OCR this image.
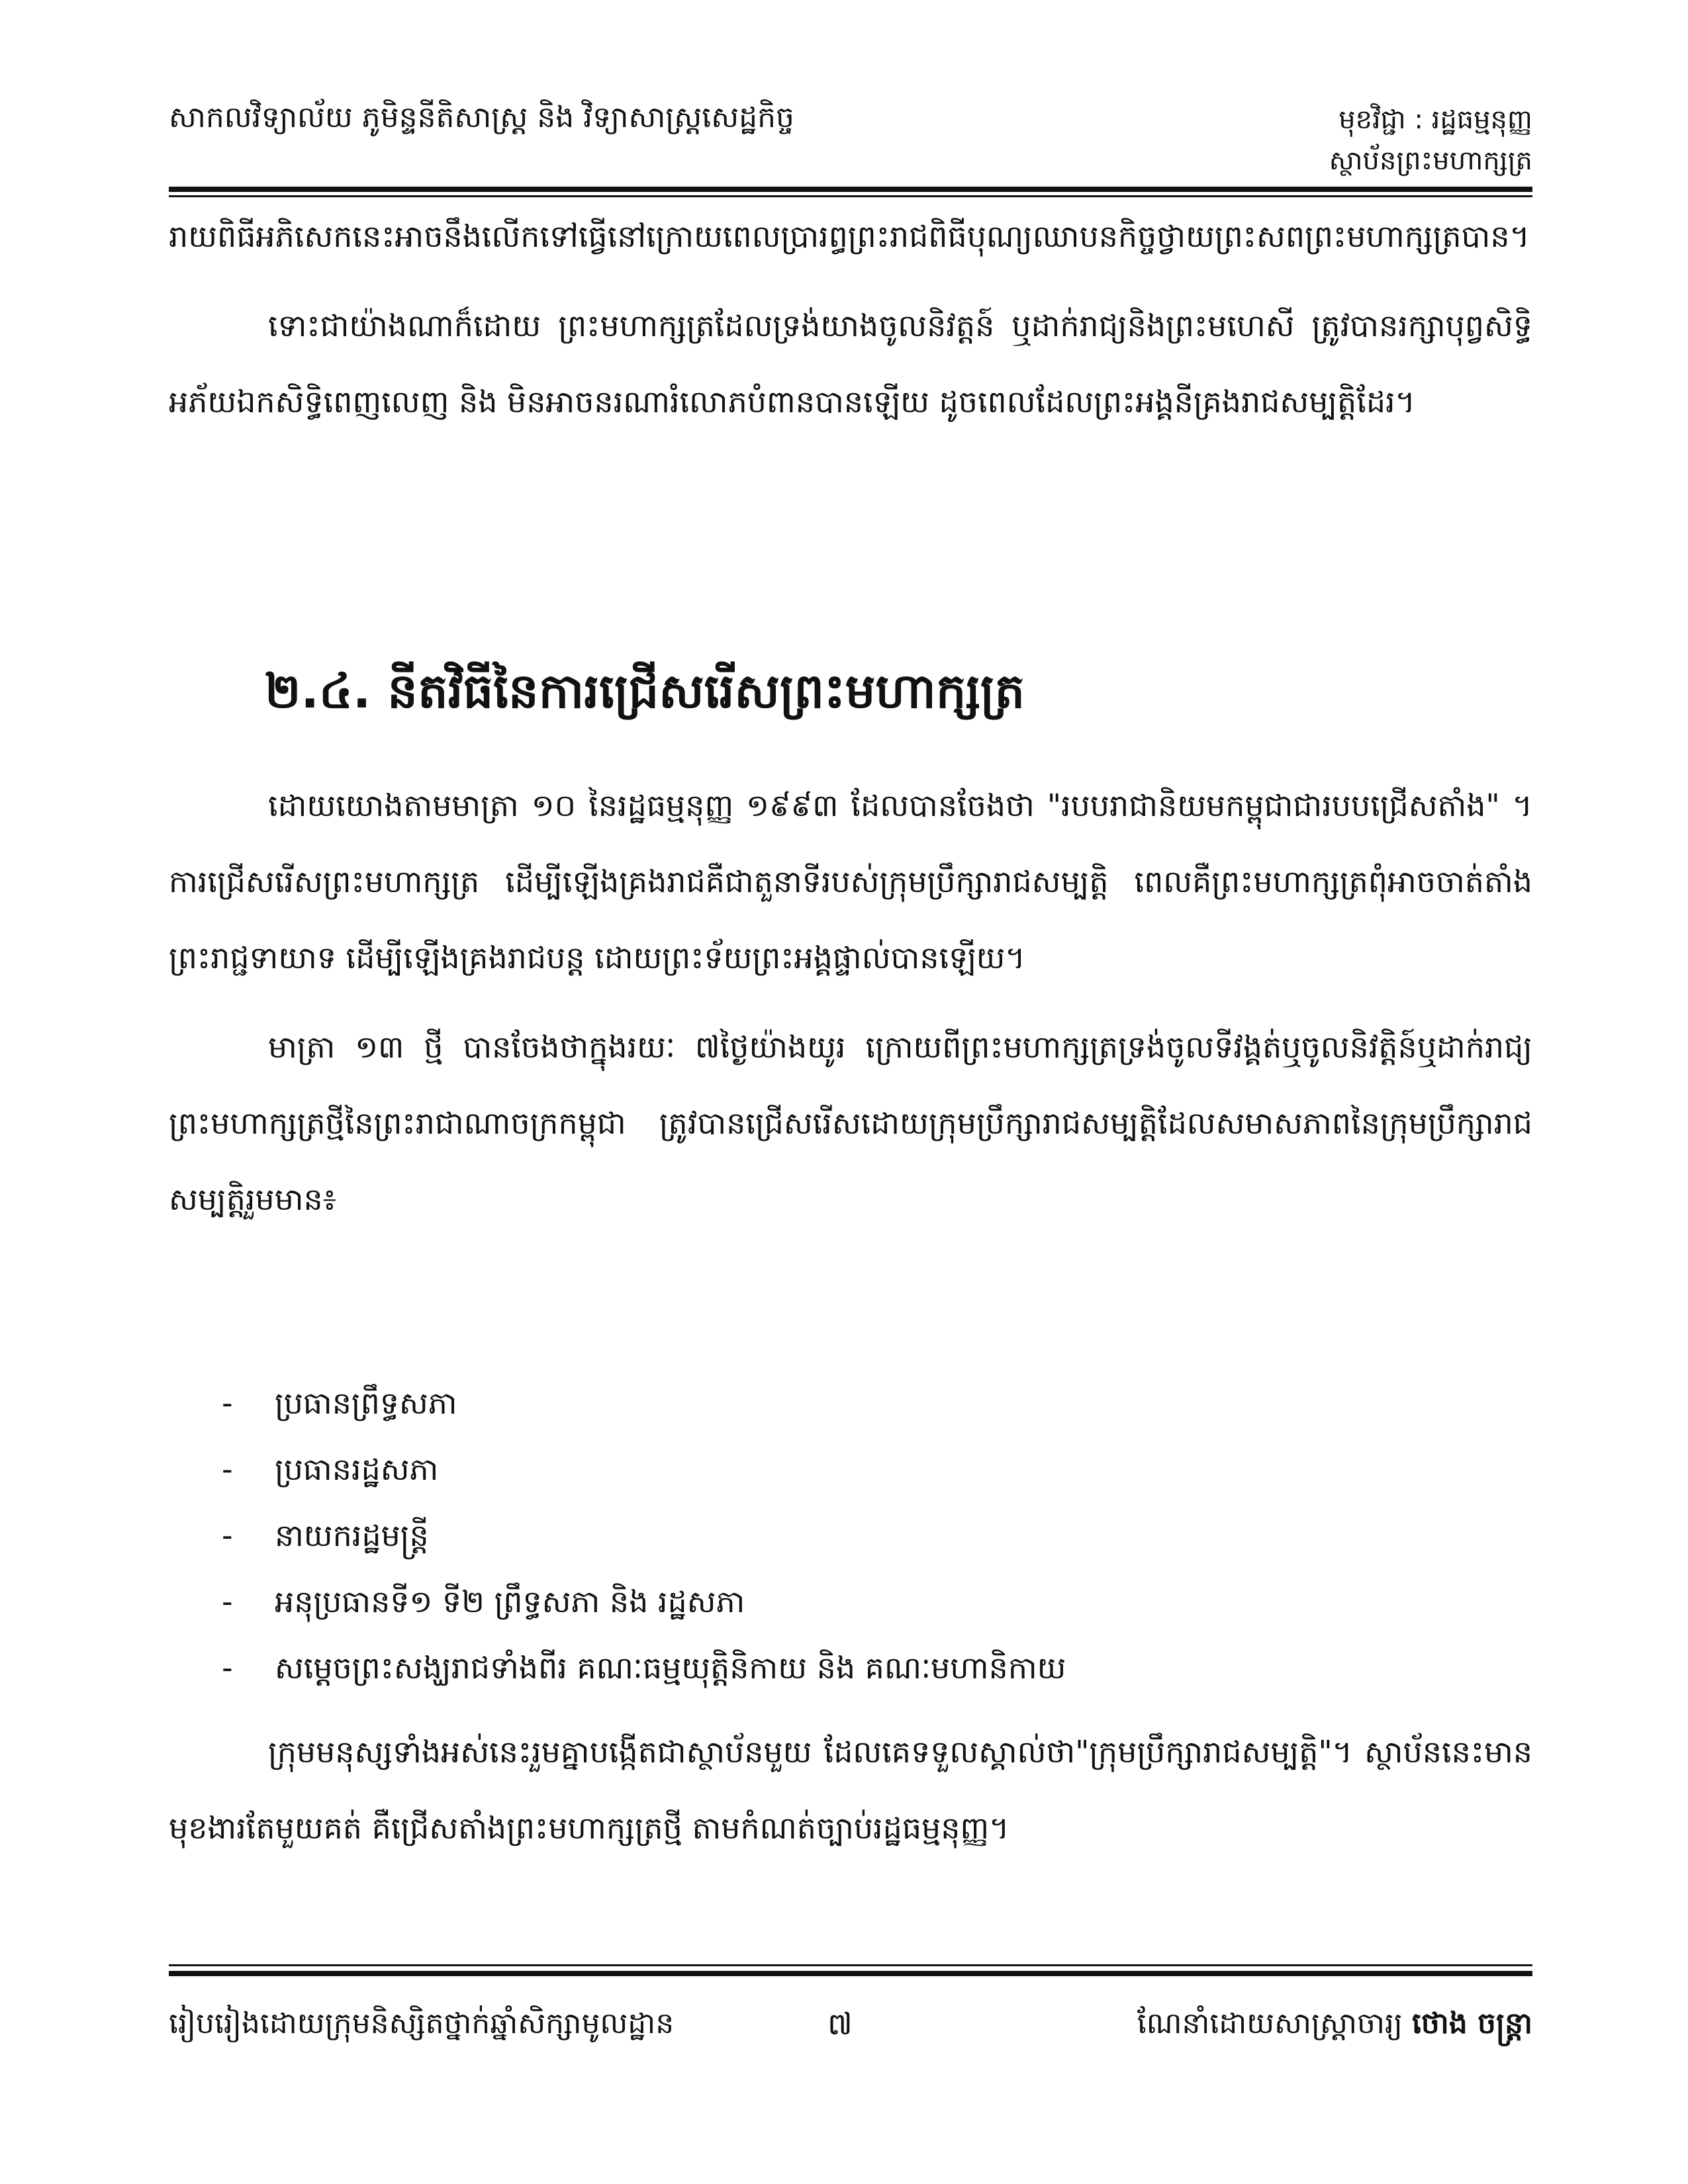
សាកលវិទ្យាល័យ ភូមិន្ទនីតិសាស្ត្រ និង វិទ្យាសាស្ត្រសេដ្ឋកិច្ច	មុខវិជ្ជា : រដ្ឋធម្មនុញ្ញ
ស្ថាប័នព្រះមហាក្សត្រ

រាយពិធីអភិសេកនេះអាចនឹងលើកទៅធ្វើនៅក្រោយពេលប្រារព្ធព្រះរាជពិធីបុណ្យឈាបនកិច្ចថ្វាយព្រះសពព្រះមហាក្សត្របាន។

ទោះជាយ៉ាងណាក៏ដោយ ព្រះមហាក្សត្រដែលទ្រង់យាងចូលនិវត្តន៍ ឬដាក់រាជ្យនិងព្រះមហេសី ត្រូវបានរក្សាបុព្វសិទ្ធិ អភ័យឯកសិទ្ធិពេញលេញ និង មិនអាចនរណារំលោភបំពានបានឡើយ ដូចពេលដែលព្រះអង្គនីគ្រងរាជសម្បត្តិដែរ។

២.៤. នីតវិធីនៃការជ្រើសរើសព្រះមហាក្សត្រ

ដោយយោងតាមមាត្រា ១០ នៃរដ្ឋធម្មនុញ្ញ ១៩៩៣ ដែលបានចែងថា "របបរាជានិយមកម្ពុជាជារបបជ្រើសតាំង" ។ ការជ្រើសរើសព្រះមហាក្សត្រ ដើម្បីឡើងគ្រងរាជគឺជាតួនាទីរបស់ក្រុមប្រឹក្សារាជសម្បត្តិ ពេលគឺព្រះមហាក្សត្រពុំអាចចាត់តាំងព្រះរាជ្ជទាយាទ ដើម្បីឡើងគ្រងរាជបន្ត ដោយព្រះទ័យព្រះអង្គផ្ទាល់បានឡើយ។

មាត្រា ១៣ ថ្មី បានចែងថាក្នុងរយៈ ៧ថ្ងៃយ៉ាងយូរ ក្រោយពីព្រះមហាក្សត្រទ្រង់ចូលទីវង្គត់ឬចូលនិវត្តិន៍ឬដាក់រាជ្យ ព្រះមហាក្សត្រថ្មីនៃព្រះរាជាណាចក្រកម្ពុជា ត្រូវបានជ្រើសរើសដោយក្រុមប្រឹក្សារាជសម្បត្តិដែលសមាសភាពនៃក្រុមប្រឹក្សារាជសម្បត្តិរួមមាន៖

-	ប្រធានព្រឹទ្ធសភា
-	ប្រធានរដ្ឋសភា
-	នាយករដ្ឋមន្ត្រី
-	អនុប្រធានទី១ ទី២ ព្រឹទ្ធសភា និង រដ្ឋសភា
-	សម្តេចព្រះសង្ឃរាជទាំងពីរ គណៈធម្មយុត្តិនិកាយ និង គណៈមហានិកាយ

ក្រុមមនុស្សទាំងអស់នេះរួមគ្នាបង្កើតជាស្ថាប័នមួយ ដែលគេទទួលស្គាល់ថា"ក្រុមប្រឹក្សារាជសម្បត្តិ"។ ស្ថាប័ននេះមានមុខងារតែមួយគត់ គឺជ្រើសតាំងព្រះមហាក្សត្រថ្មី តាមកំណត់ច្បាប់រដ្ឋធម្មនុញ្ញ។

រៀបរៀងដោយក្រុមនិស្សិតថ្នាក់ឆ្នាំសិក្សាមូលដ្ឋាន	៧	ណែនាំដោយសាស្ត្រាចារ្យ ថោង ចន្ត្រា
